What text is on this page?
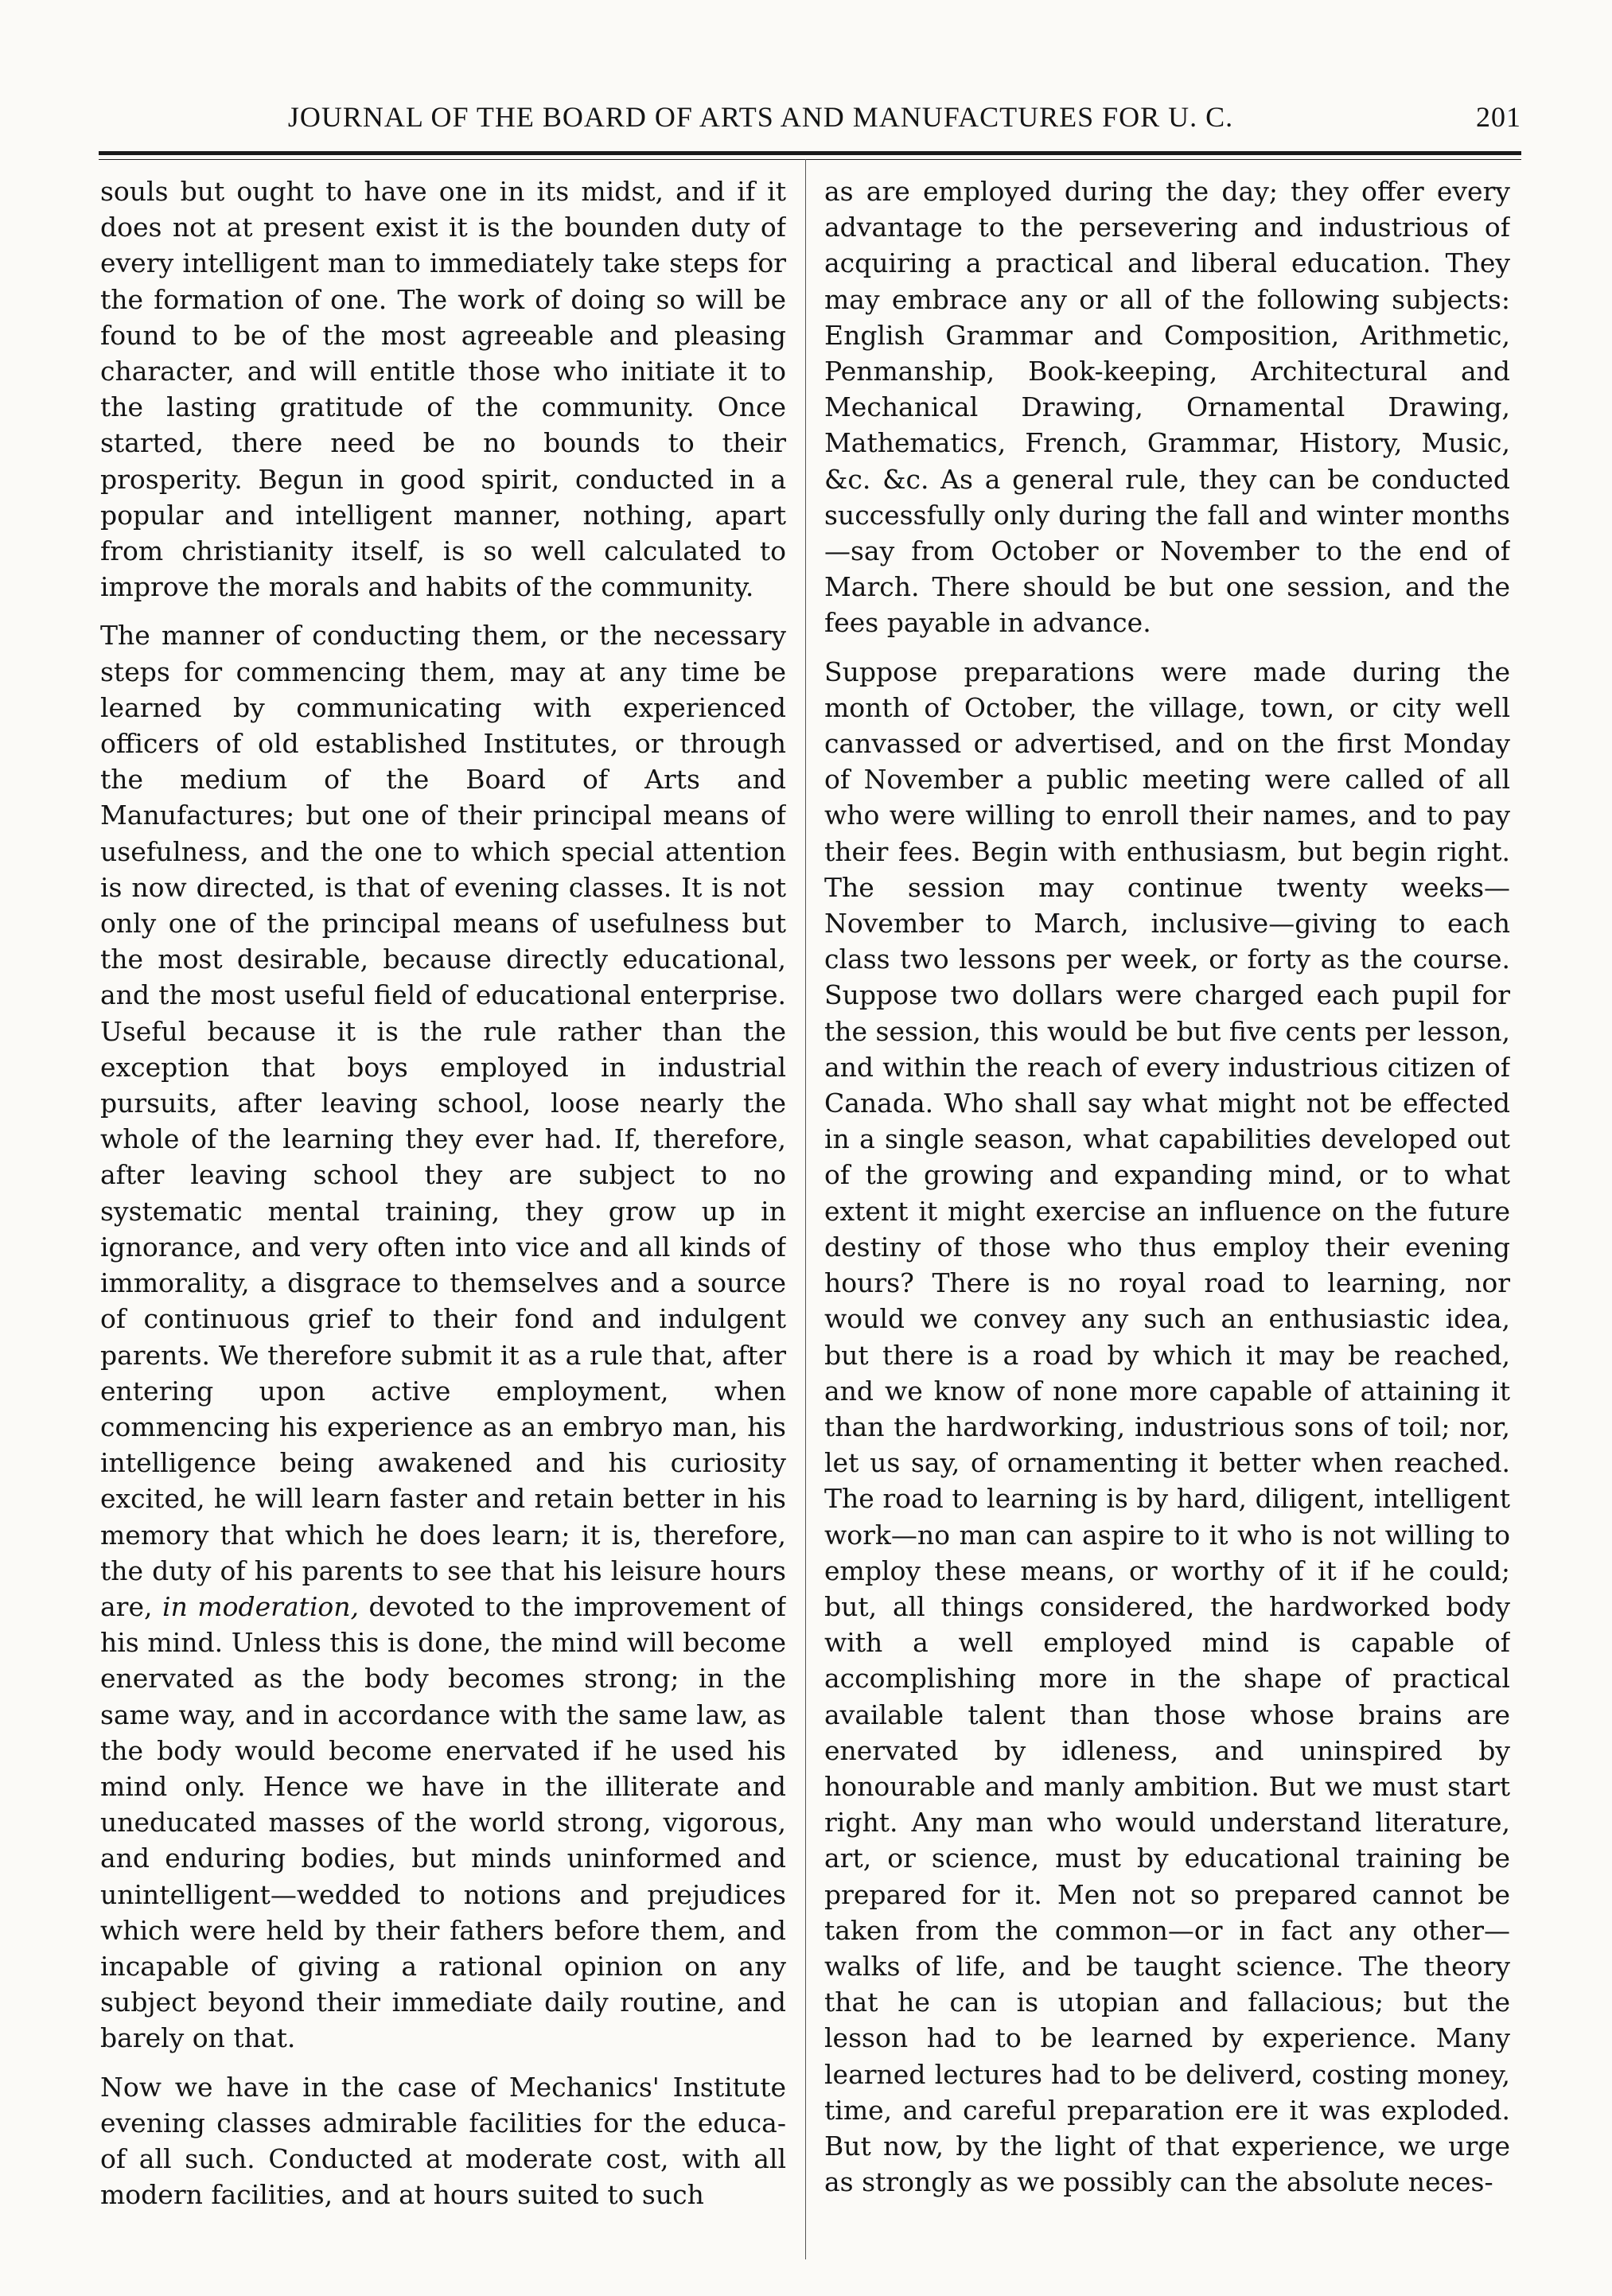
JOURNAL OF THE BOARD OF ARTS AND MANUFACTURES FOR U. C.	201

souls but ought to have one in its midst, and if it does not at present exist it is the bounden duty of every intelligent man to immediately take steps for the formation of one. The work of doing so will be found to be of the most agreeable and pleasing character, and will entitle those who initiate it to the lasting gratitude of the community. Once started, there need be no bounds to their prosperity. Begun in good spirit, conducted in a popular and intelligent manner, nothing, apart from christianity itself, is so well calculated to improve the morals and habits of the community.

The manner of conducting them, or the necessary steps for commencing them, may at any time be learned by communicating with experienced officers of old established Institutes, or through the medium of the Board of Arts and Manufactures; but one of their principal means of usefulness, and the one to which special attention is now directed, is that of evening classes. It is not only one of the principal means of usefulness but the most desirable, because directly educational, and the most useful field of educational enterprise. Useful because it is the rule rather than the exception that boys employed in industrial pursuits, after leaving school, loose nearly the whole of the learning they ever had. If, therefore, after leaving school they are subject to no systematic mental training, they grow up in ignorance, and very often into vice and all kinds of immorality, a disgrace to themselves and a source of continuous grief to their fond and indulgent parents. We therefore submit it as a rule that, after entering upon active employment, when commencing his experience as an embryo man, his intelligence being awakened and his curiosity excited, he will learn faster and retain better in his memory that which he does learn; it is, therefore, the duty of his parents to see that his leisure hours are, in moderation, devoted to the improvement of his mind. Unless this is done, the mind will become enervated as the body becomes strong; in the same way, and in accordance with the same law, as the body would become enervated if he used his mind only. Hence we have in the illiterate and uneducated masses of the world strong, vigorous, and enduring bodies, but minds uninformed and unintelligent—wedded to notions and prejudices which were held by their fathers before them, and incapable of giving a rational opinion on any subject beyond their immediate daily routine, and barely on that.

Now we have in the case of Mechanics' Institute evening classes admirable facilities for the educa- of all such. Conducted at moderate cost, with all modern facilities, and at hours suited to such

as are employed during the day; they offer every advantage to the persevering and industrious of acquiring a practical and liberal education. They may embrace any or all of the following subjects: English Grammar and Composition, Arithmetic, Penmanship, Book-keeping, Architectural and Mechanical Drawing, Ornamental Drawing, Mathematics, French, Grammar, History, Music, &c. &c. As a general rule, they can be conducted successfully only during the fall and winter months—say from October or November to the end of March. There should be but one session, and the fees payable in advance.

Suppose preparations were made during the month of October, the village, town, or city well canvassed or advertised, and on the first Monday of November a public meeting were called of all who were willing to enroll their names, and to pay their fees. Begin with enthusiasm, but begin right. The session may continue twenty weeks—November to March, inclusive—giving to each class two lessons per week, or forty as the course. Suppose two dollars were charged each pupil for the session, this would be but five cents per lesson, and within the reach of every industrious citizen of Canada. Who shall say what might not be effected in a single season, what capabilities developed out of the growing and expanding mind, or to what extent it might exercise an influence on the future destiny of those who thus employ their evening hours? There is no royal road to learning, nor would we convey any such an enthusiastic idea, but there is a road by which it may be reached, and we know of none more capable of attaining it than the hardworking, industrious sons of toil; nor, let us say, of ornamenting it better when reached. The road to learning is by hard, diligent, intelligent work—no man can aspire to it who is not willing to employ these means, or worthy of it if he could; but, all things considered, the hardworked body with a well employed mind is capable of accomplishing more in the shape of practical available talent than those whose brains are enervated by idleness, and uninspired by honourable and manly ambition. But we must start right. Any man who would understand literature, art, or science, must by educational training be prepared for it. Men not so prepared cannot be taken from the common—or in fact any other—walks of life, and be taught science. The theory that he can is utopian and fallacious; but the lesson had to be learned by experience. Many learned lectures had to be deliverd, costing money, time, and careful preparation ere it was exploded. But now, by the light of that experience, we urge as strongly as we possibly can the absolute neces-
